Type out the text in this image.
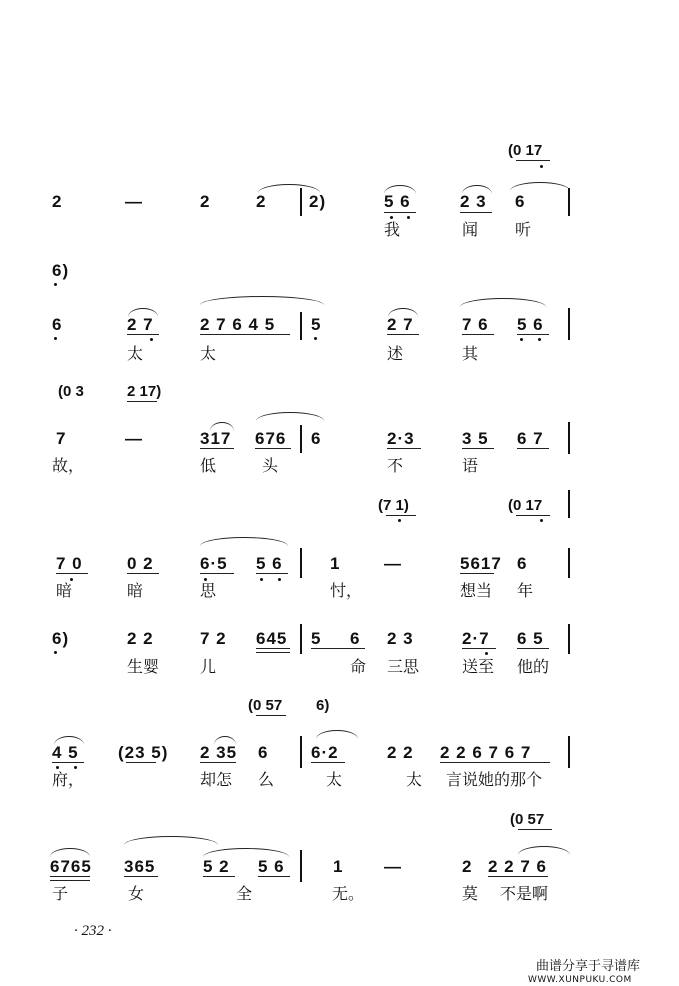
(0 17
2	—	2	2	2)	5 6	2 3 6
我	闻 听
6)
6	2 7	2 7 6 4 5 5	2 7	7 6 5 6
太	太	述	其
(0 3	2 17)
7	—	317 676 6	2·3	3 5 6 7
故，	低	头	不	语
(7 1)	(0 17
7 0	0 2	6·5 5 6	1	—	5617 6
暗	暗	思	忖，	想当 年
6)	2 2	7 2 645 5 6 2 3	2·7 6 5
生婴	儿	命 三思	送至 他的
(0 57 6)
4 5 (23 5) 2 35 6	6·2	2 2 2 2 6 7 6 7
府，	却怎 么	太	太 言说她的那个
(0 57
6765 365	5 2 5 6	1 —	2 2 2 7 6
子	女	全	无。	莫 不是啊
· 232 ·
曲谱分享于寻谱库
WWW.XUNPUKU.COM
